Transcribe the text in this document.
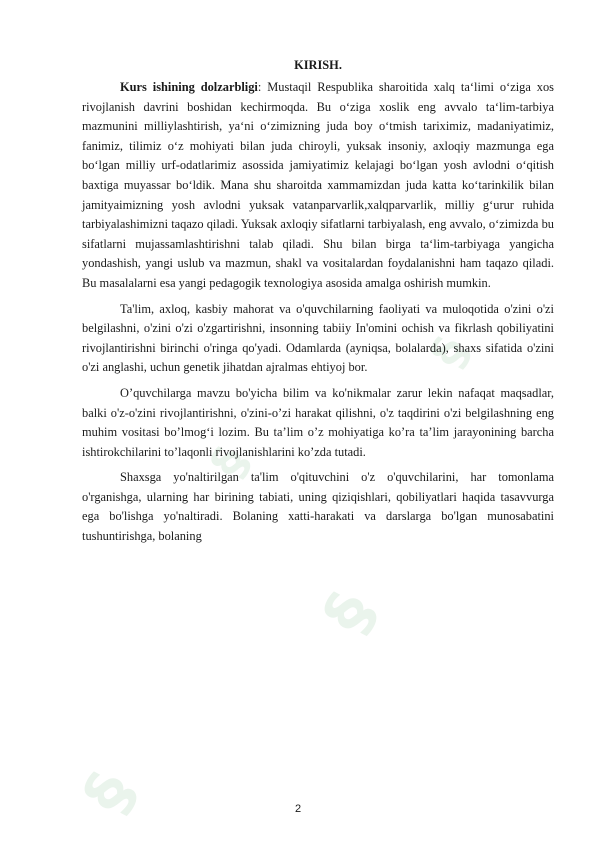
§
§
§
§
KIRISH.

Kurs ishining dolzarbligi: Mustaqil Respublika sharoitida xalq ta‘limi o‘ziga xos rivojlanish davrini boshidan kechirmoqda. Bu o‘ziga xoslik eng avvalo ta‘lim-tarbiya mazmunini milliylashtirish, ya‘ni o‘zimizning juda boy o‘tmish tariximiz, madaniyatimiz, fanimiz, tilimiz o‘z mohiyati bilan juda chiroyli, yuksak insoniy, axloqiy mazmunga ega bo‘lgan milliy urf-odatlarimiz asossida jamiyatimiz kelajagi bo‘lgan yosh avlodni o‘qitish baxtiga muyassar bo‘ldik. Mana shu sharoitda xammamizdan juda katta ko‘tarinkilik bilan jamityaimizning yosh avlodni yuksak vatanparvarlik,xalqparvarlik, milliy g‘urur ruhida tarbiyalashimizni taqazo qiladi. Yuksak axloqiy sifatlarni tarbiyalash, eng avvalo, o‘zimizda bu sifatlarni mujassamlashtirishni talab qiladi. Shu bilan birga ta‘lim-tarbiyaga yangicha yondashish, yangi uslub va mazmun, shakl va vositalardan foydalanishni ham taqazo qiladi. Bu masalalarni esa yangi pedagogik texnologiya asosida amalga oshirish mumkin.

Ta'lim, axloq, kasbiy mahorat va o'quvchilarning faoliyati va muloqotida o'zini o'zi belgilashni, o'zini o'zi o'zgartirishni, insonning tabiiy In'omini ochish va fikrlash qobiliyatini rivojlantirishni birinchi o'ringa qo'yadi. Odamlarda (ayniqsa, bolalarda), shaxs sifatida o'zini o'zi anglashi, uchun genetik jihatdan ajralmas ehtiyoj bor.

O’quvchilarga mavzu bo'yicha bilim va ko'nikmalar zarur lekin nafaqat maqsadlar, balki o'z-o'zini rivojlantirishni, o'zini-o’zi harakat qilishni, o'z taqdirini o'zi belgilashning eng muhim vositasi bo’lmog‘i lozim. Bu ta’lim o’z mohiyatiga ko’ra ta’lim jarayonining barcha ishtirokchilarini to’laqonli rivojlanishlarini ko’zda tutadi.

Shaxsga yo'naltirilgan ta'lim o'qituvchini o'z o'quvchilarini, har tomonlama o'rganishga, ularning har birining tabiati, uning qiziqishlari, qobiliyatlari haqida tasavvurga ega bo'lishga yo'naltiradi. Bolaning xatti-harakati va darslarga bo'lgan munosabatini tushuntirishga, bolaning

2
